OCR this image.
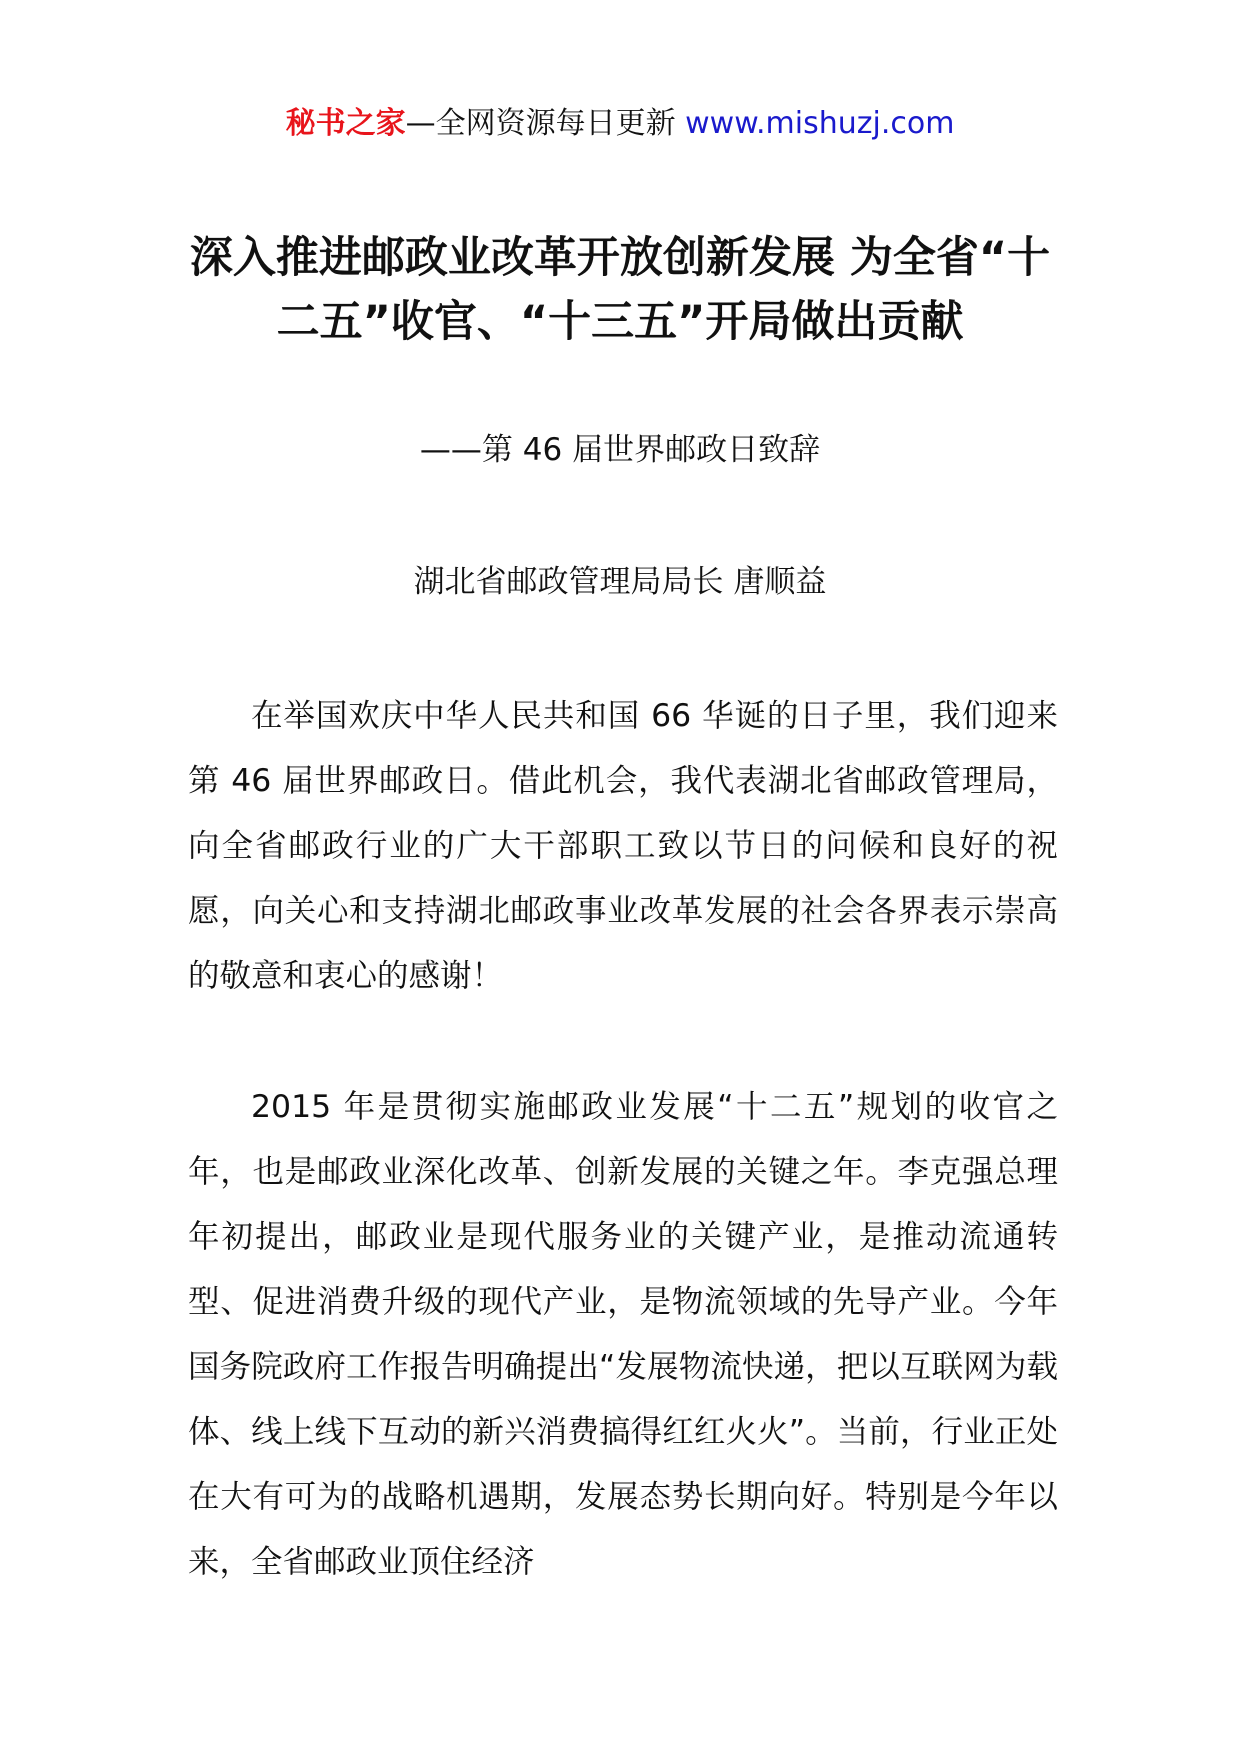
秘书之家—全网资源每日更新 www.mishuzj.com
深入推进邮政业改革开放创新发展 为全省“十二五”收官、“十三五”开局做出贡献

——第 46 届世界邮政日致辞

湖北省邮政管理局局长 唐顺益

在举国欢庆中华人民共和国 66 华诞的日子里，我们迎来第 46 届世界邮政日。借此机会，我代表湖北省邮政管理局，向全省邮政行业的广大干部职工致以节日的问候和良好的祝愿，向关心和支持湖北邮政事业改革发展的社会各界表示崇高的敬意和衷心的感谢！

2015 年是贯彻实施邮政业发展“十二五”规划的收官之年，也是邮政业深化改革、创新发展的关键之年。李克强总理年初提出，邮政业是现代服务业的关键产业，是推动流通转型、促进消费升级的现代产业，是物流领域的先导产业。今年国务院政府工作报告明确提出“发展物流快递，把以互联网为载体、线上线下互动的新兴消费搞得红红火火”。当前，行业正处在大有可为的战略机遇期，发展态势长期向好。特别是今年以来，全省邮政业顶住经济
